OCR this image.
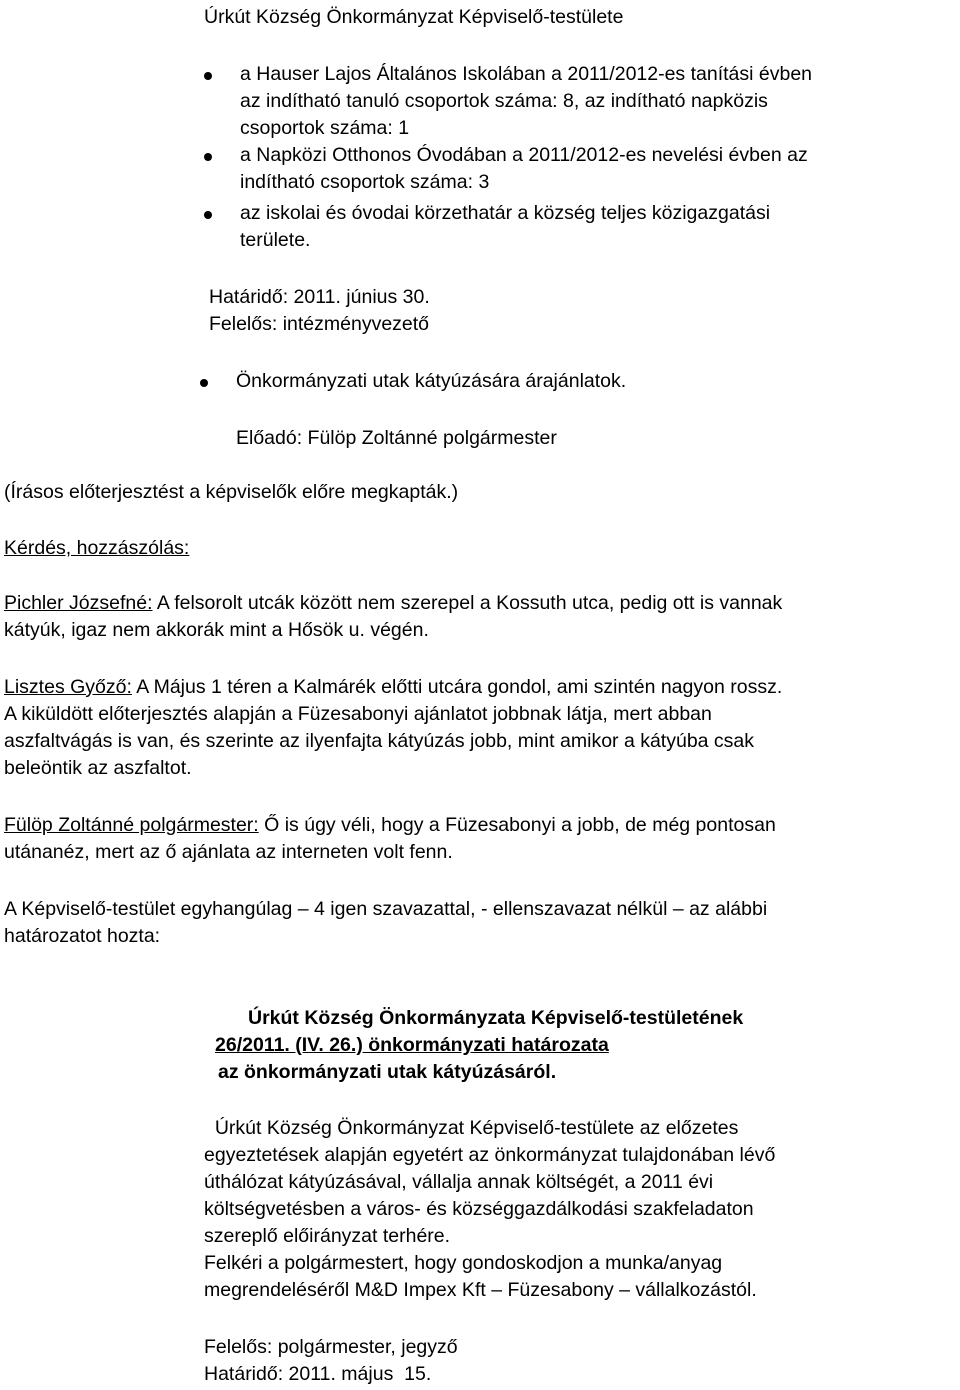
Úrkút Község Önkormányzat Képviselő-testülete
a Hauser Lajos Általános Iskolában a 2011/2012-es tanítási évben
az indítható tanuló csoportok száma: 8, az indítható napközis
csoportok száma: 1
a Napközi Otthonos Óvodában a 2011/2012-es nevelési évben az
indítható csoportok száma: 3
az iskolai és óvodai körzethatár a község teljes közigazgatási
területe.
Határidő: 2011. június 30.
Felelős: intézményvezető
Önkormányzati utak kátyúzására árajánlatok.
Előadó: Fülöp Zoltánné polgármester
(Írásos előterjesztést a képviselők előre megkapták.)
Kérdés, hozzászólás:
Pichler Józsefné: A felsorolt utcák között nem szerepel a Kossuth utca, pedig ott is vannak
kátyúk, igaz nem akkorák mint a Hősök u. végén.
Lisztes Győző: A Május 1 téren a Kalmárék előtti utcára gondol, ami szintén nagyon rossz.
A kiküldött előterjesztés alapján a Füzesabonyi ajánlatot jobbnak látja, mert abban
aszfaltvágás is van, és szerinte az ilyenfajta kátyúzás jobb, mint amikor a kátyúba csak
beleöntik az aszfaltot.
Fülöp Zoltánné polgármester: Ő is úgy véli, hogy a Füzesabonyi a jobb, de még pontosan
utánanéz, mert az ő ajánlata az interneten volt fenn.
A Képviselő-testület egyhangúlag – 4 igen szavazattal, - ellenszavazat nélkül – az alábbi
határozatot hozta:
Úrkút Község Önkormányzata Képviselő-testületének
26/2011. (IV. 26.) önkormányzati határozata
az önkormányzati utak kátyúzásáról.
Úrkút Község Önkormányzat Képviselő-testülete az előzetes
egyeztetések alapján egyetért az önkormányzat tulajdonában lévő
úthálózat kátyúzásával, vállalja annak költségét, a 2011 évi
költségvetésben a város- és községgazdálkodási szakfeladaton
szereplő előirányzat terhére.
Felkéri a polgármestert, hogy gondoskodjon a munka/anyag
megrendeléséről M&D Impex Kft – Füzesabony – vállalkozástól.
Felelős: polgármester, jegyző
Határidő: 2011. május  15.
